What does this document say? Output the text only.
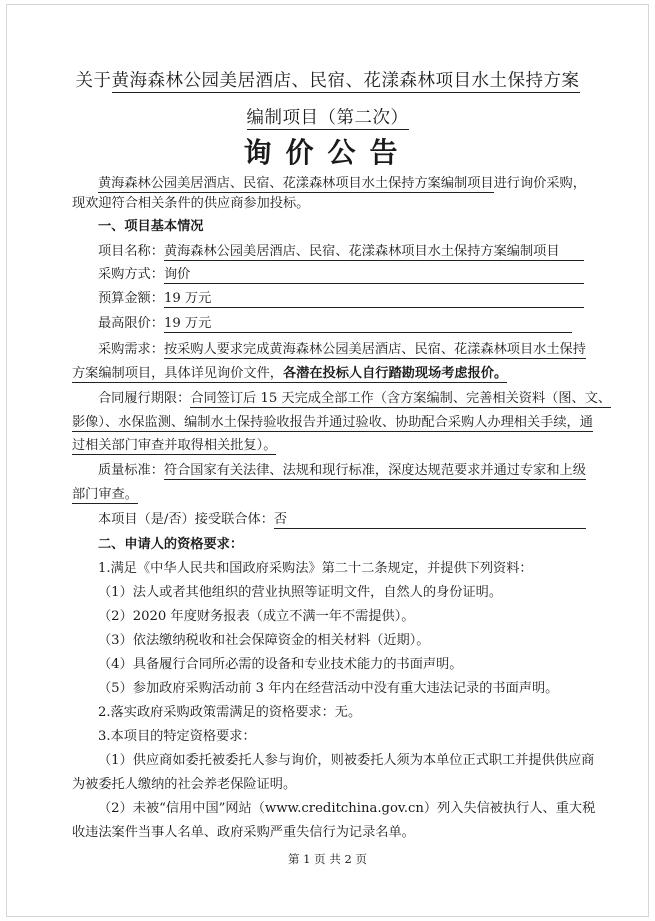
关于黄海森林公园美居酒店、民宿、花漾森林项目水土保持方案
编制项目（第二次）
询价公告
黄海森林公园美居酒店、民宿、花漾森林项目水土保持方案编制项目进行询价采购，
现欢迎符合相关条件的供应商参加投标。
一、项目基本情况
项目名称：黄海森林公园美居酒店、民宿、花漾森林项目水土保持方案编制项目
采购方式：询价
预算金额：19 万元
最高限价：19 万元
采购需求：按采购人要求完成黄海森林公园美居酒店、民宿、花漾森林项目水土保持
方案编制项目，具体详见询价文件，各潜在投标人自行踏勘现场考虑报价。
合同履行期限：合同签订后 15 天完成全部工作（含方案编制、完善相关资料（图、文、
影像）、水保监测、编制水土保持验收报告并通过验收、协助配合采购人办理相关手续，通
过相关部门审查并取得相关批复）。
质量标准：符合国家有关法律、法规和现行标准，深度达规范要求并通过专家和上级
部门审查。
本项目（是/否）接受联合体：否
二、申请人的资格要求：
1.满足《中华人民共和国政府采购法》第二十二条规定，并提供下列资料：
（1）法人或者其他组织的营业执照等证明文件，自然人的身份证明。
（2）2020 年度财务报表（成立不满一年不需提供）。
（3）依法缴纳税收和社会保障资金的相关材料（近期）。
（4）具备履行合同所必需的设备和专业技术能力的书面声明。
（5）参加政府采购活动前 3 年内在经营活动中没有重大违法记录的书面声明。
2.落实政府采购政策需满足的资格要求：无。
3.本项目的特定资格要求：
（1）供应商如委托被委托人参与询价，则被委托人须为本单位正式职工并提供供应商
为被委托人缴纳的社会养老保险证明。
（2）未被“信用中国”网站（www.creditchina.gov.cn）列入失信被执行人、重大税
收违法案件当事人名单、政府采购严重失信行为记录名单。
第 1 页 共 2 页
